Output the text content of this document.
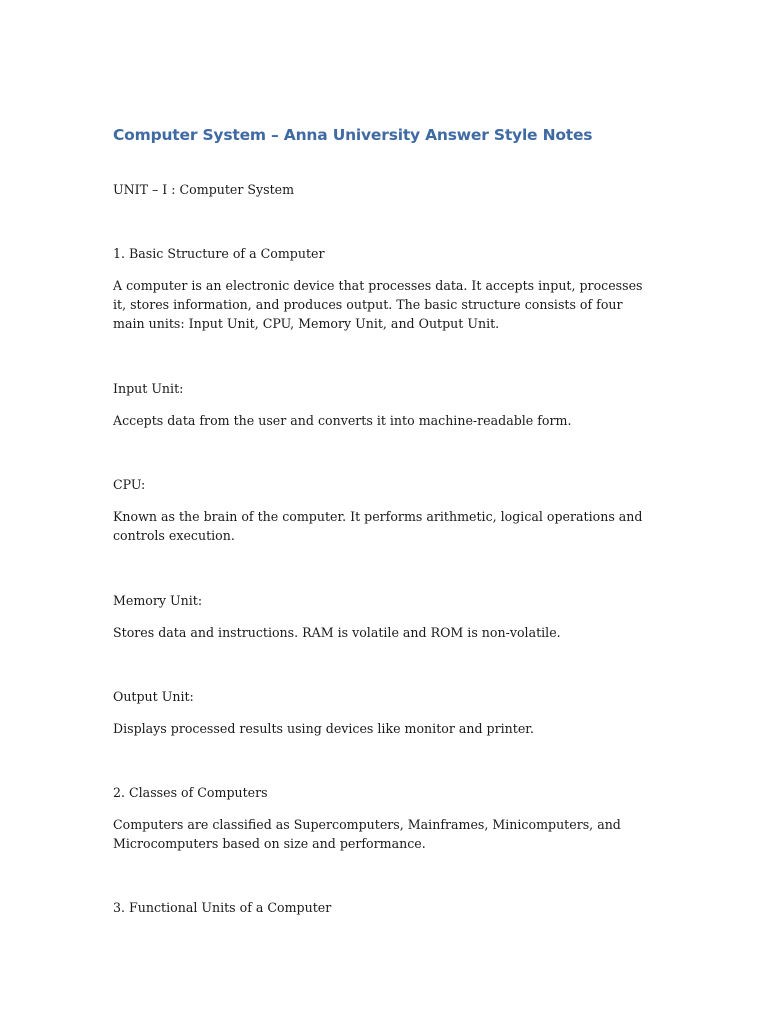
Computer System – Anna University Answer Style Notes

UNIT – I : Computer System

1. Basic Structure of a Computer

A computer is an electronic device that processes data. It accepts input, processes it, stores information, and produces output. The basic structure consists of four main units: Input Unit, CPU, Memory Unit, and Output Unit.

Input Unit:

Accepts data from the user and converts it into machine-readable form.

CPU:

Known as the brain of the computer. It performs arithmetic, logical operations and controls execution.

Memory Unit:

Stores data and instructions. RAM is volatile and ROM is non-volatile.

Output Unit:

Displays processed results using devices like monitor and printer.

2. Classes of Computers

Computers are classified as Supercomputers, Mainframes, Minicomputers, and Microcomputers based on size and performance.

3. Functional Units of a Computer
